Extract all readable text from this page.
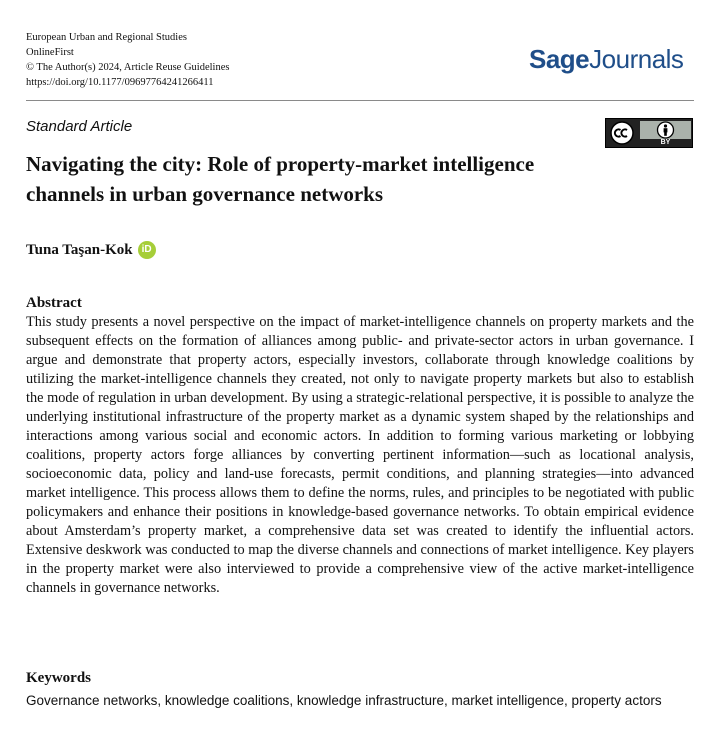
European Urban and Regional Studies
OnlineFirst
© The Author(s) 2024, Article Reuse Guidelines
https://doi.org/10.1177/09697764241266411
SageJournals
Standard Article
BY
Navigating the city: Role of property-market intelligence channels in urban governance networks
Tuna Taşan-Kok iD
Abstract

This study presents a novel perspective on the impact of market-intelligence channels on property markets and the subsequent effects on the formation of alliances among public- and private-sector actors in urban governance. I argue and demonstrate that property actors, especially investors, collaborate through knowledge coalitions by utilizing the market-intelligence channels they created, not only to navigate property markets but also to establish the mode of regulation in urban development. By using a strategic-relational perspective, it is possible to analyze the underlying institutional infrastructure of the property market as a dynamic system shaped by the relationships and interactions among various social and economic actors. In addition to forming various marketing or lobbying coalitions, property actors forge alliances by converting pertinent information—such as locational analysis, socioeconomic data, policy and land-use forecasts, permit conditions, and planning strategies—into advanced market intelligence. This process allows them to define the norms, rules, and principles to be negotiated with public policymakers and enhance their positions in knowledge-based governance networks. To obtain empirical evidence about Amsterdam’s property market, a comprehensive data set was created to identify the influential actors. Extensive deskwork was conducted to map the diverse channels and connections of market intelligence. Key players in the property market were also interviewed to provide a comprehensive view of the active market-intelligence channels in governance networks.

Keywords

Governance networks, knowledge coalitions, knowledge infrastructure, market intelligence, property actors
